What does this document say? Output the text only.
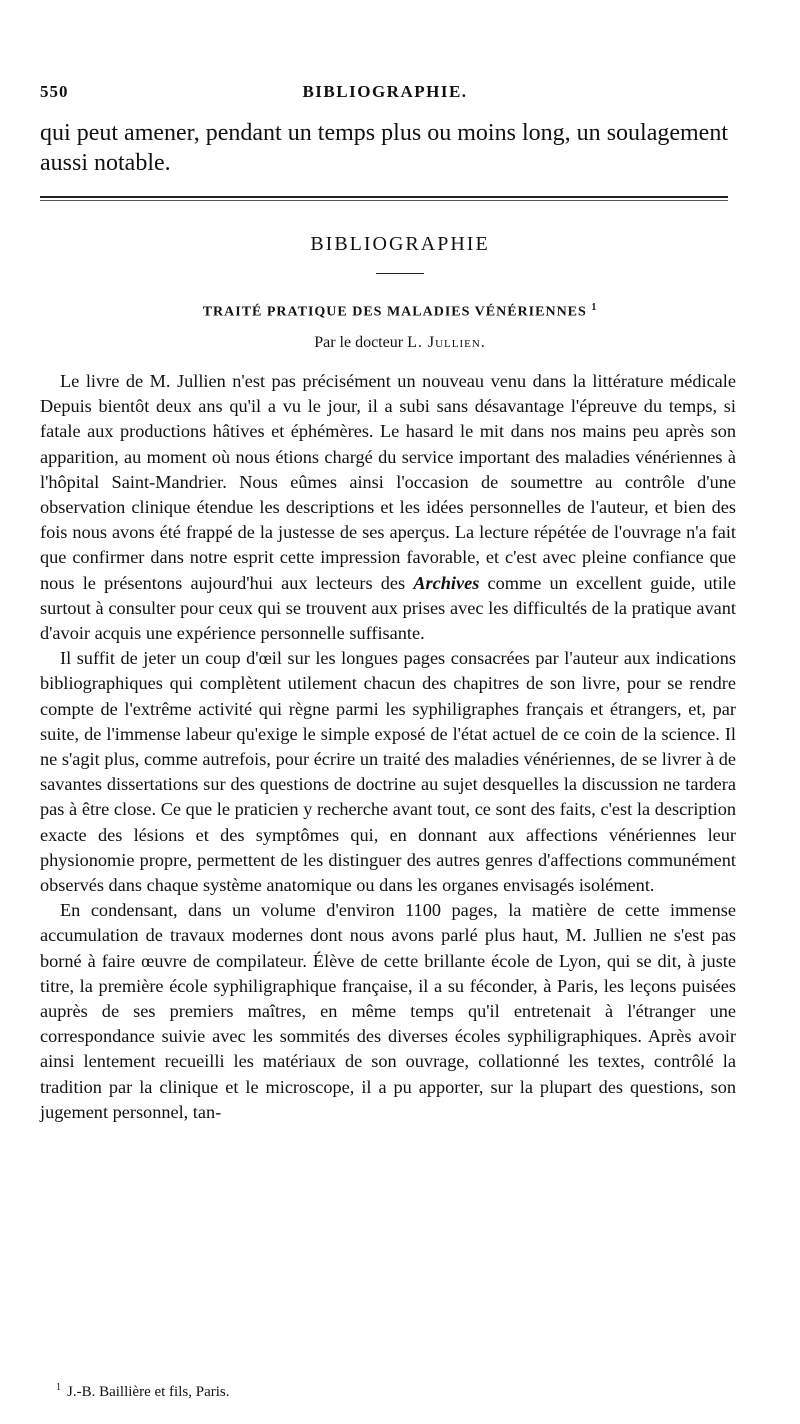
550	BIBLIOGRAPHIE.
qui peut amener, pendant un temps plus ou moins long, un soulagement aussi notable.
BIBLIOGRAPHIE
TRAITÉ PRATIQUE DES MALADIES VÉNÉRIENNES $^1$
Par le docteur L. Jullien.

Le livre de M. Jullien n'est pas précisément un nouveau venu dans la littérature médicale Depuis bientôt deux ans qu'il a vu le jour, il a subi sans désavantage l'épreuve du temps, si fatale aux productions hâtives et éphémères. Le hasard le mit dans nos mains peu après son apparition, au moment où nous étions chargé du service important des maladies vénériennes à l'hôpital Saint-Mandrier. Nous eûmes ainsi l'occasion de soumettre au contrôle d'une observation clinique étendue les descriptions et les idées personnelles de l'auteur, et bien des fois nous avons été frappé de la justesse de ses aperçus. La lecture répétée de l'ouvrage n'a fait que confirmer dans notre esprit cette impression favorable, et c'est avec pleine confiance que nous le présentons aujourd'hui aux lecteurs des Archives comme un excellent guide, utile surtout à consulter pour ceux qui se trouvent aux prises avec les difficultés de la pratique avant d'avoir acquis une expérience personnelle suffisante.

Il suffit de jeter un coup d'œil sur les longues pages consacrées par l'auteur aux indications bibliographiques qui complètent utilement chacun des chapitres de son livre, pour se rendre compte de l'extrême activité qui règne parmi les syphiligraphes français et étrangers, et, par suite, de l'immense labeur qu'exige le simple exposé de l'état actuel de ce coin de la science. Il ne s'agit plus, comme autrefois, pour écrire un traité des maladies vénériennes, de se livrer à de savantes dissertations sur des questions de doctrine au sujet desquelles la discussion ne tardera pas à être close. Ce que le praticien y recherche avant tout, ce sont des faits, c'est la description exacte des lésions et des symptômes qui, en donnant aux affections vénériennes leur physionomie propre, permettent de les distinguer des autres genres d'affections communément observés dans chaque système anatomique ou dans les organes envisagés isolément.

En condensant, dans un volume d'environ 1100 pages, la matière de cette immense accumulation de travaux modernes dont nous avons parlé plus haut, M. Jullien ne s'est pas borné à faire œuvre de compilateur. Élève de cette brillante école de Lyon, qui se dit, à juste titre, la première école syphiligraphique française, il a su féconder, à Paris, les leçons puisées auprès de ses premiers maîtres, en même temps qu'il entretenait à l'étranger une correspondance suivie avec les sommités des diverses écoles syphiligraphiques. Après avoir ainsi lentement recueilli les matériaux de son ouvrage, collationné les textes, contrôlé la tradition par la clinique et le microscope, il a pu apporter, sur la plupart des questions, son jugement personnel, tan-

$^1$ J.-B. Baillière et fils, Paris.
